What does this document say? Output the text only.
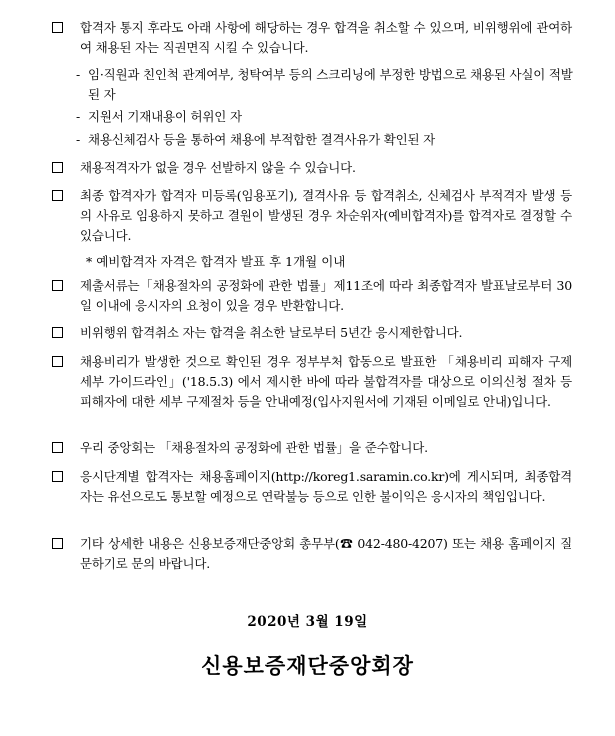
합격자 통지 후라도 아래 사항에 해당하는 경우 합격을 취소할 수 있으며, 비위행위에 관여하여 채용된 자는 직권면직 시킬 수 있습니다.
- 임·직원과 친인척 관계여부, 청탁여부 등의 스크리닝에 부정한 방법으로 채용된 사실이 적발된 자
- 지원서 기재내용이 허위인 자
- 채용신체검사 등을 통하여 채용에 부적합한 결격사유가 확인된 자
채용적격자가 없을 경우 선발하지 않을 수 있습니다.
최종 합격자가 합격자 미등록(임용포기), 결격사유 등 합격취소, 신체검사 부적격자 발생 등의 사유로 임용하지 못하고 결원이 발생된 경우 차순위자(예비합격자)를 합격자로 결정할 수 있습니다.
* 예비합격자 자격은 합격자 발표 후 1개월 이내
제출서류는「채용절차의 공정화에 관한 법률」제11조에 따라 최종합격자 발표날로부터 30일 이내에 응시자의 요청이 있을 경우 반환합니다.
비위행위 합격취소 자는 합격을 취소한 날로부터 5년간 응시제한합니다.
채용비리가 발생한 것으로 확인된 경우 정부부처 합동으로 발표한 「채용비리 피해자 구제 세부 가이드라인」('18.5.3) 에서 제시한 바에 따라 불합격자를 대상으로 이의신청 절차 등 피해자에 대한 세부 구제절차 등을 안내예정(입사지원서에 기재된 이메일로 안내)입니다.
우리 중앙회는 「채용절차의 공정화에 관한 법률」을 준수합니다.
응시단계별 합격자는 채용홈페이지(http://koreg1.saramin.co.kr)에 게시되며, 최종합격자는 유선으로도 통보할 예정으로 연락불능 등으로 인한 불이익은 응시자의 책임입니다.
기타 상세한 내용은 신용보증재단중앙회 총무부(☎ 042-480-4207) 또는 채용 홈페이지 질문하기로 문의 바랍니다.
2020년 3월 19일
신용보증재단중앙회장
